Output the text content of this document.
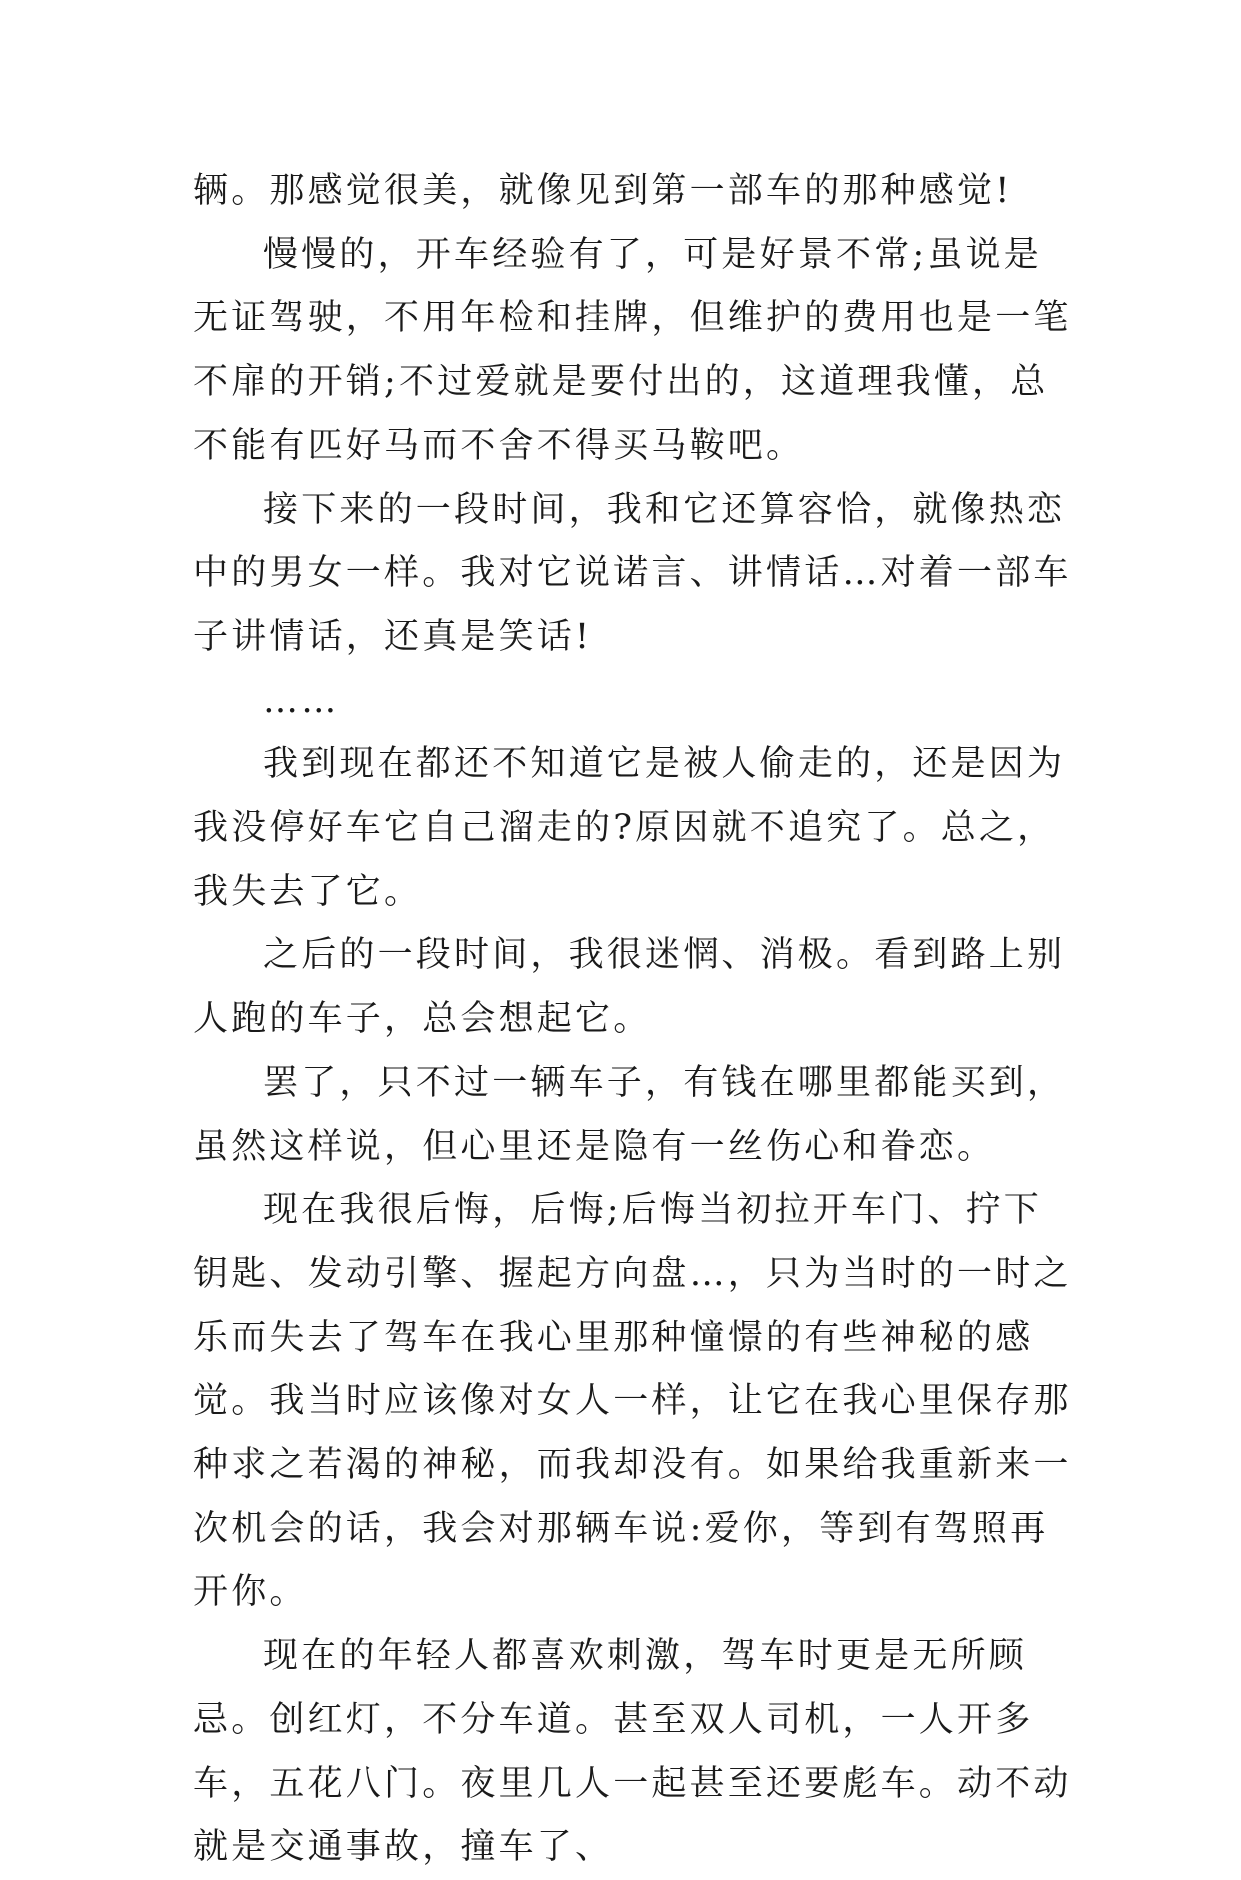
辆。那感觉很美，就像见到第一部车的那种感觉!

慢慢的，开车经验有了，可是好景不常;虽说是无证驾驶，不用年检和挂牌，但维护的费用也是一笔不扉的开销;不过爱就是要付出的，这道理我懂，总不能有匹好马而不舍不得买马鞍吧。

接下来的一段时间，我和它还算容恰，就像热恋中的男女一样。我对它说诺言、讲情话…对着一部车子讲情话，还真是笑话!

……

我到现在都还不知道它是被人偷走的，还是因为我没停好车它自己溜走的?原因就不追究了。总之，我失去了它。

之后的一段时间，我很迷惘、消极。看到路上别人跑的车子，总会想起它。

罢了，只不过一辆车子，有钱在哪里都能买到，虽然这样说，但心里还是隐有一丝伤心和眷恋。

现在我很后悔，后悔;后悔当初拉开车门、拧下钥匙、发动引擎、握起方向盘…，只为当时的一时之乐而失去了驾车在我心里那种憧憬的有些神秘的感觉。我当时应该像对女人一样，让它在我心里保存那种求之若渴的神秘，而我却没有。如果给我重新来一次机会的话，我会对那辆车说:爱你，等到有驾照再开你。

现在的年轻人都喜欢刺激，驾车时更是无所顾忌。创红灯，不分车道。甚至双人司机，一人开多车，五花八门。夜里几人一起甚至还要彪车。动不动就是交通事故，撞车了、
